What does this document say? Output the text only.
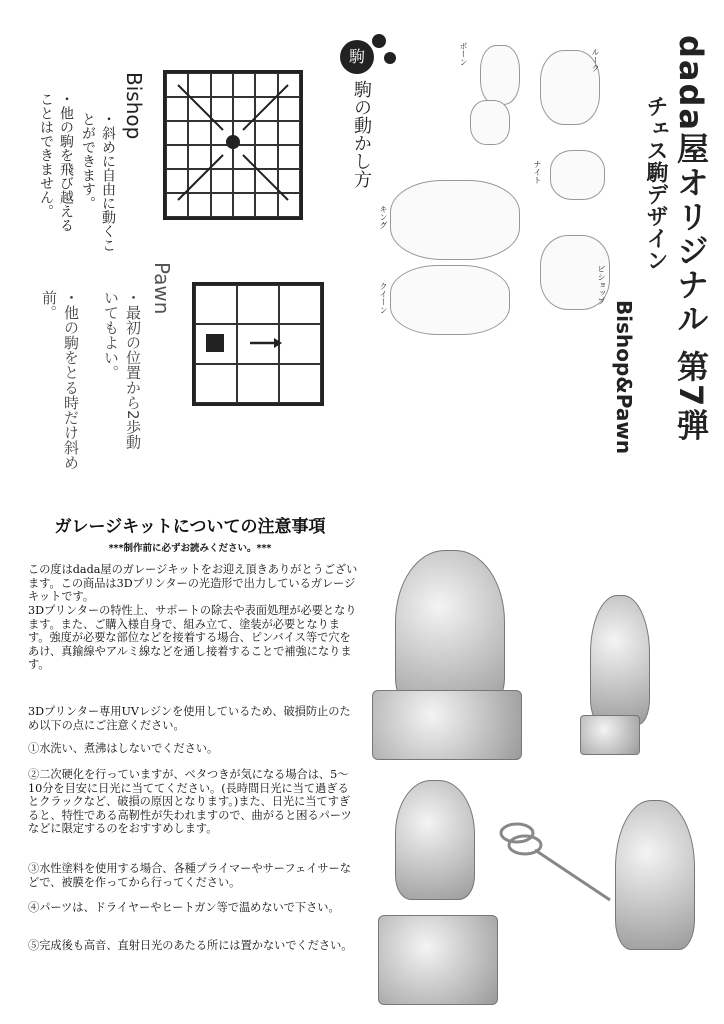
dada屋オリジナル第7弾
チェス駒デザイン
Bishop&Pawn
駒
駒の動かし方
Bishop
・斜めに自由に動くことができます。
・他の駒を飛び越えることはできません。
Pawn
・最初の位置から2歩動いてもよい。
・他の駒をとる時だけ斜め前。
ルーク
ポーン
キング
クイーン
ナイト
ビショップ
ガレージキットについての注意事項
***制作前に必ずお読みください。***
この度はdada屋のガレージキットをお迎え頂きありがとうございます。この商品は3Dプリンターの光造形で出力しているガレージキットです。
3Dプリンターの特性上、サポートの除去や表面処理が必要となります。また、ご購入様自身で、組み立て、塗装が必要となります。強度が必要な部位などを接着する場合、ピンバイス等で穴をあけ、真鍮線やアルミ線などを通し接着することで補強になります。
3Dプリンター専用UVレジンを使用しているため、破損防止のため以下の点にご注意ください。
①水洗い、煮沸はしないでください。
②二次硬化を行っていますが、ベタつきが気になる場合は、5〜10分を目安に日光に当ててください。(長時間日光に当て過ぎるとクラックなど、破損の原因となります。)また、日光に当てすぎると、特性である高靭性が失われますので、曲がると困るパーツなどに限定するのをおすすめします。
③水性塗料を使用する場合、各種プライマーやサーフェイサーなどで、被膜を作ってから行ってください。
④パーツは、ドライヤーやヒートガン等で温めないで下さい。
⑤完成後も高音、直射日光のあたる所には置かないでください。
